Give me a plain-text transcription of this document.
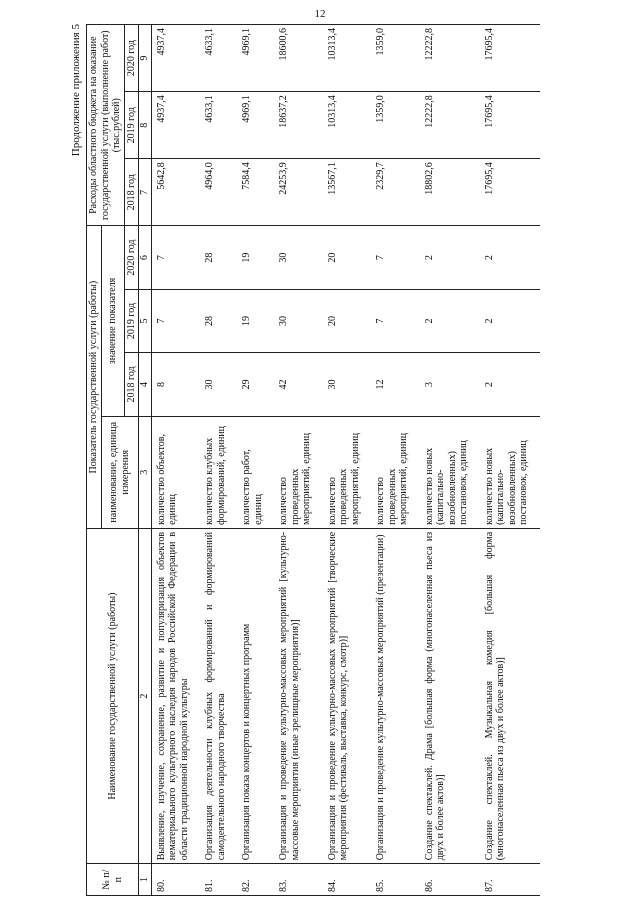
12
Продолжение приложения 5
№ п/п	Наименование государственной услуги (работы)	Показатель государственной услуги (работы)				Расходы областного бюджета на оказание государственной услуги (выполнение работ) (тыс.рублей)		
		наименование, единица измерения	значение показателя					
			2018 год	2019 год	2020 год	2018 год	2019 год	2020 год
1	2	3	4	5	6	7	8	9
80.	Выявление, изучение, сохранение, развитие и популяризация объектов нематериального культурного наследия народов Российской Федерации в области традиционной народной культуры	количество объектов, единиц	8	7	7	5642,8	4937,4	4937,4
81.	Организация деятельности клубных формирований и формирований самодеятельного народного творчества	количество клубных формирований, единиц	30	28	28	4964,0	4633,1	4633,1
82.	Организация показа концертов и концертных программ	количество работ, единиц	29	19	19	7584,4	4969,1	4969,1
83.	Организация и проведение культурно-массовых мероприятий [культурно-массовые мероприятия (иные зрелищные мероприятия)]	количество проведенных мероприятий, единиц	42	30	30	24253,9	18637,2	18600,6
84.	Организация и проведение культурно-массовых мероприятий [творческие мероприятия (фестиваль, выставка, конкурс, смотр)]	количество проведенных мероприятий, единиц	30	20	20	13567,1	10313,4	10313,4
85.	Организация и проведение культурно-массовых мероприятий (презентации)	количество проведенных мероприятий, единиц	12	7	7	2329,7	1359,0	1359,0
86.	Создание спектаклей. Драма [большая форма (многонаселенная пьеса из двух и более актов)]	количество новых (капитально-возобновленных) постановок, единиц	3	2	2	18802,6	12222,8	12222,8
87.	Создание спектаклей. Музыкальная комедия [большая форма (многонаселенная пьеса из двух и более актов)]	количество новых (капитально-возобновленных) постановок, единиц	2	2	2	17695,4	17695,4	17695,4
